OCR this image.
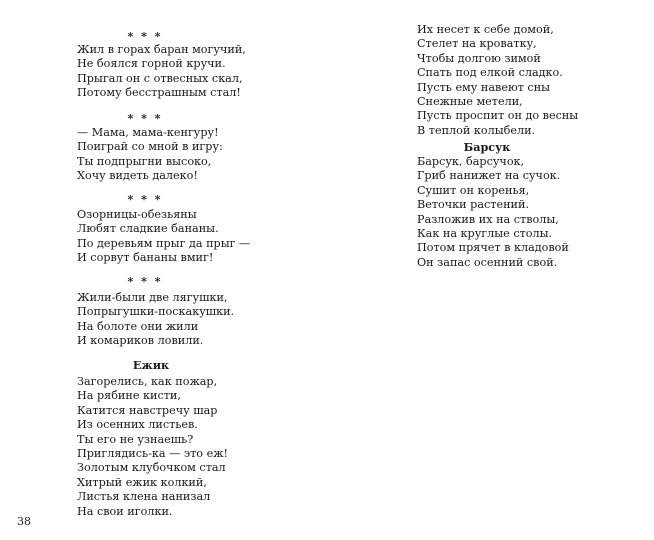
* * *
Жил в горах баран могучий,
Не боялся горной кручи.
Прыгал он с отвесных скал,
Потому бесстрашным стал!
* * *
— Мама, мама-кенгуру!
Поиграй со мной в игру:
Ты подпрыгни высоко,
Хочу видеть далеко!
* * *
Озорницы-обезьяны
Любят сладкие бананы.
По деревьям прыг да прыг —
И сорвут бананы вмиг!
* * *
Жили-были две лягушки,
Попрыгушки-поскакушки.
На болоте они жили
И комариков ловили.
Ежик
Загорелись, как пожар,
На рябине кисти,
Катится навстречу шар
Из осенних листьев.
Ты его не узнаешь?
Приглядись-ка — это еж!
Золотым клубочком стал
Хитрый ежик колкий,
Листья клена нанизал
На свои иголки.
Их несет к себе домой,
Стелет на кроватку,
Чтобы долгою зимой
Спать под елкой сладко.
Пусть ему навеют сны
Снежные метели,
Пусть проспит он до весны
В теплой колыбели.
Барсук
Барсук, барсучок,
Гриб нанижет на сучок.
Сушит он коренья,
Веточки растений.
Разложив их на стволы,
Как на круглые столы.
Потом прячет в кладовой
Он запас осенний свой.
38
